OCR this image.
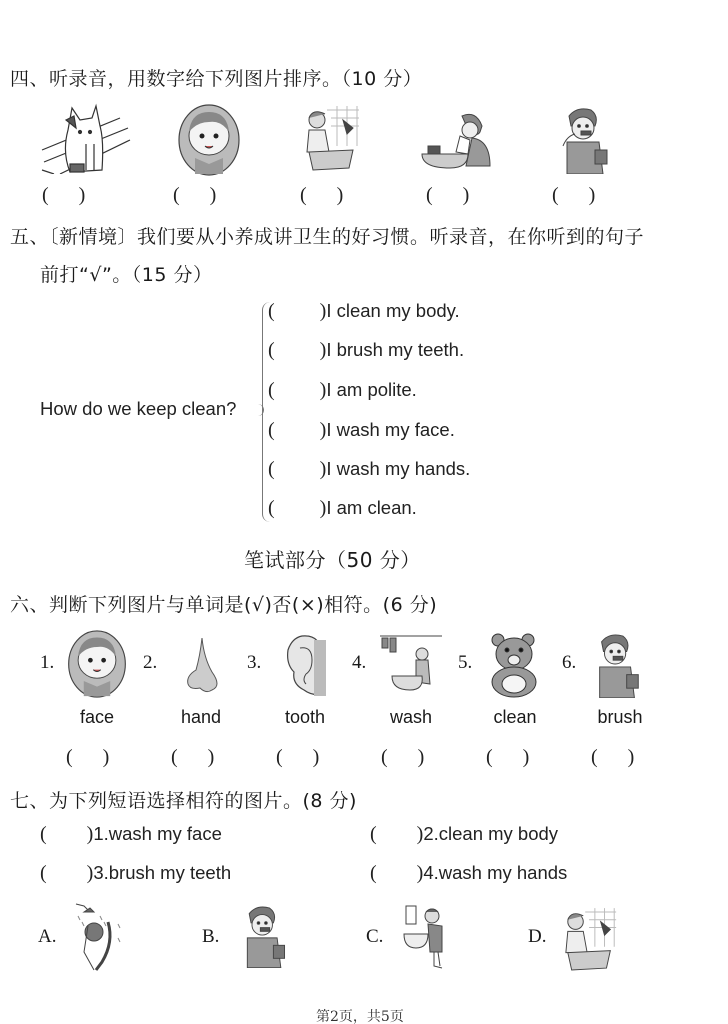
四、听录音，用数字给下列图片排序。（10 分）
(      )	(      )	(      )	(      )	(      )
五、〔新情境〕我们要从小养成讲卫生的好习惯。听录音，在你听到的句子
前打“√”。（15 分）
How do we keep clean?
(         )I clean my body.
(         )I brush my teeth.
(         )I am polite.
(         )I wash my face.
(         )I wash my hands.
(         )I am clean.
笔试部分（50 分）
六、判断下列图片与单词是(√)否(×)相符。(6 分)
1.	2.	3.	4.	5.	6.
face	hand	tooth	wash	clean	brush
(      )	(      )	(      )	(      )	(      )	(      )
七、为下列短语选择相符的图片。(8 分)
(        )1.wash my face	(        )2.clean my body
(        )3.brush my teeth	(        )4.wash my hands
A.	B.	C.	D.
第2页，共5页
